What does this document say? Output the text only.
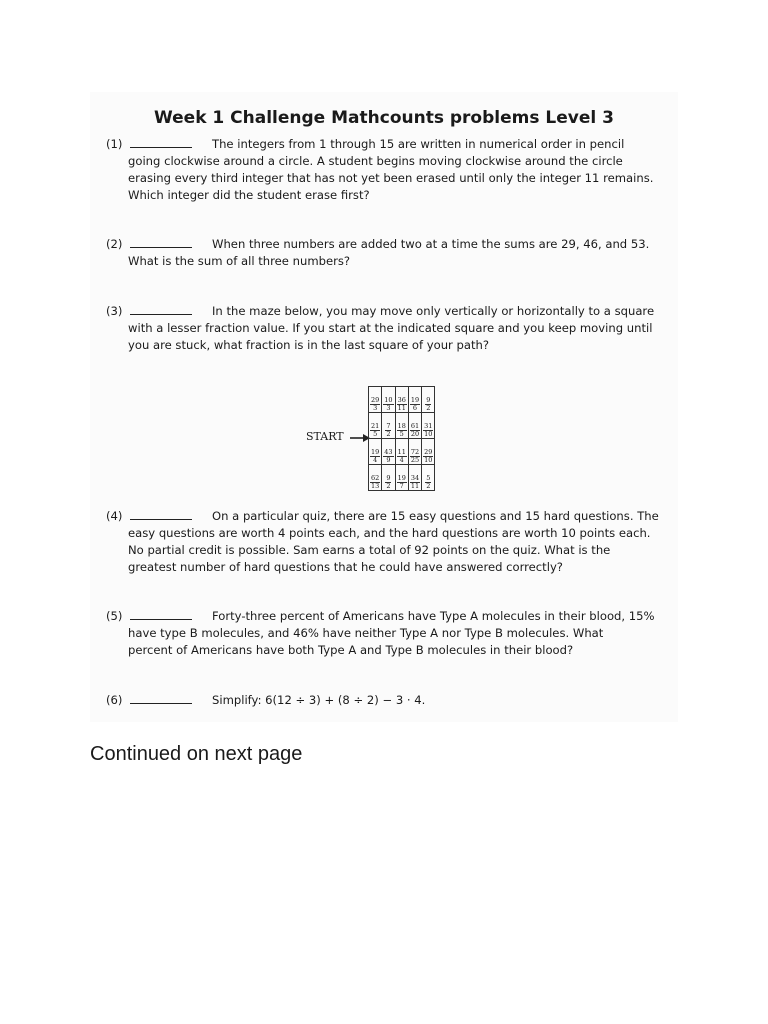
Week 1 Challenge Mathcounts problems Level 3
(1)	The integers from 1 through 15 are written in numerical order in pencil
going clockwise around a circle. A student begins moving clockwise around the circle
erasing every third integer that has not yet been erased until only the integer 11 remains.
Which integer did the student erase first?
(2)	When three numbers are added two at a time the sums are 29, 46, and 53.
What is the sum of all three numbers?
(3)	In the maze below, you may move only vertically or horizontally to a square
with a lesser fraction value. If you start at the indicated square and you keep moving until
you are stuck, what fraction is in the last square of your path?
START
$\frac{29}{3}$	$\frac{10}{3}$	$\frac{36}{11}$	$\frac{19}{6}$	$\frac{9}{2}$

$\frac{21}{5}$	$\frac{7}{2}$	$\frac{18}{5}$	$\frac{61}{20}$	$\frac{31}{10}$

$\frac{19}{4}$	$\frac{43}{9}$	$\frac{11}{4}$	$\frac{72}{25}$	$\frac{29}{10}$

$\frac{62}{13}$	$\frac{9}{2}$	$\frac{19}{7}$	$\frac{34}{11}$	$\frac{5}{2}$
(4)	On a particular quiz, there are 15 easy questions and 15 hard questions. The
easy questions are worth 4 points each, and the hard questions are worth 10 points each.
No partial credit is possible. Sam earns a total of 92 points on the quiz. What is the
greatest number of hard questions that he could have answered correctly?
(5)	Forty-three percent of Americans have Type A molecules in their blood, 15%
have type B molecules, and 46% have neither Type A nor Type B molecules. What
percent of Americans have both Type A and Type B molecules in their blood?
(6)	Simplify: 6(12 ÷ 3) + (8 ÷ 2) − 3 · 4.
Continued on next page
